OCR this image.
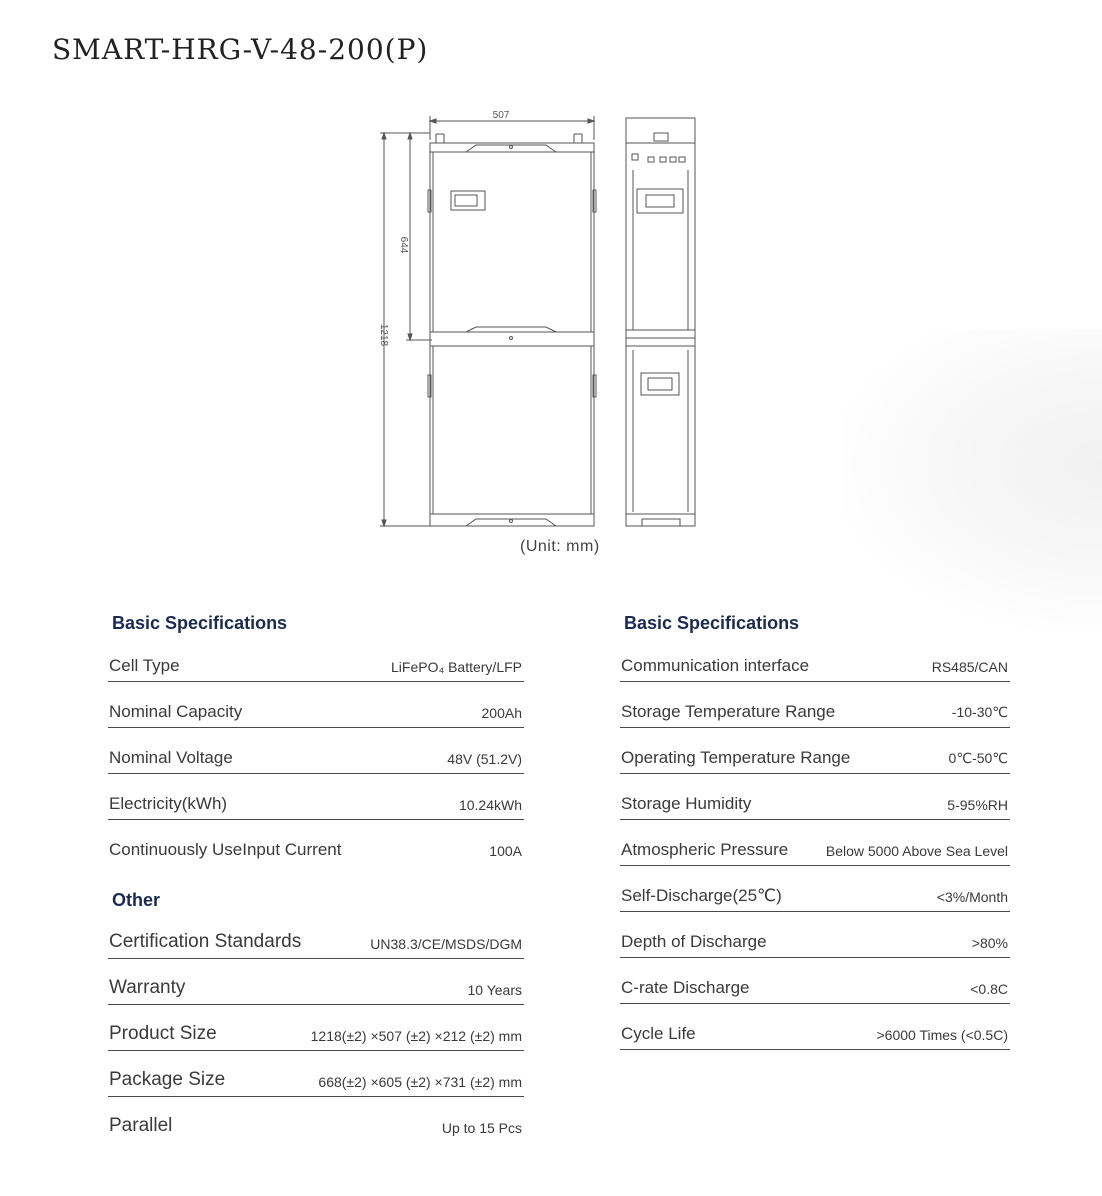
SMART-HRG-V-48-200(P)
507
1218
644
(Unit: mm)
Basic Specifications
Cell Type	LiFePO₄ Battery/LFP
Nominal Capacity	200Ah
Nominal Voltage	48V (51.2V)
Electricity(kWh)	10.24kWh
Continuously UseInput Current	100A
Other
Certification Standards	UN38.3/CE/MSDS/DGM
Warranty	10 Years
Product Size	1218(±2) ×507 (±2) ×212 (±2) mm
Package Size	668(±2) ×605 (±2) ×731 (±2) mm
Parallel	Up to 15 Pcs
Basic Specifications
Communication interface	RS485/CAN
Storage Temperature Range	-10-30℃
Operating Temperature Range	0℃-50℃
Storage Humidity	5-95%RH
Atmospheric Pressure	Below 5000 Above Sea Level
Self-Discharge(25℃)	<3%/Month
Depth of Discharge	>80%
C-rate Discharge	<0.8C
Cycle Life	>6000 Times (<0.5C)
